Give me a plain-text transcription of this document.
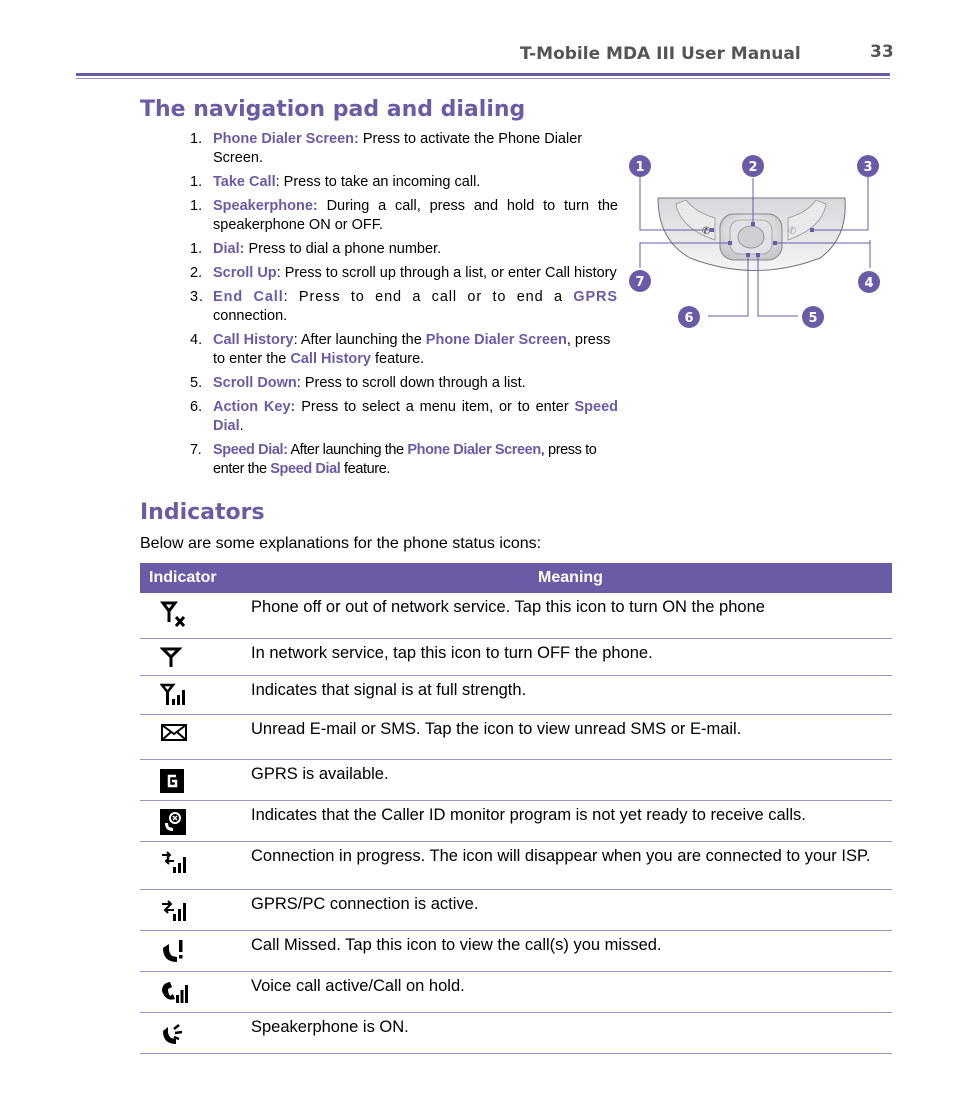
T-Mobile MDA III User Manual	33
The navigation pad and dialing
1. Phone Dialer Screen: Press to activate the Phone Dialer Screen.
1. Take Call: Press to take an incoming call.
1. Speakerphone: During a call, press and hold to turn the speakerphone ON or OFF.
1. Dial: Press to dial a phone number.
2. Scroll Up: Press to scroll up through a list, or enter Call history
3. End Call: Press to end a call or to end a GPRS connection.
4. Call History: After launching the Phone Dialer Screen, press to enter the Call History feature.
5. Scroll Down: Press to scroll down through a list.
6. Action Key: Press to select a menu item, or to enter Speed Dial.
7. Speed Dial: After launching the Phone Dialer Screen, press to enter the Speed Dial feature.
✆	✆
1	2	3
4
5
6
7
Indicators
Below are some explanations for the phone status icons:
Indicator	Meaning
	Phone off or out of network service. Tap this icon to turn ON the phone
	In network service, tap this icon to turn OFF the phone.
	Indicates that signal is at full strength.
	Unread E-mail or SMS. Tap the icon to view unread SMS or E-mail.
	GPRS is available.
	Indicates that the Caller ID monitor program is not yet ready to receive calls.
	Connection in progress. The icon will disappear when you are connected to your ISP.
	GPRS/PC connection is active.
	Call Missed. Tap this icon to view the call(s) you missed.
	Voice call active/Call on hold.
	Speakerphone is ON.
